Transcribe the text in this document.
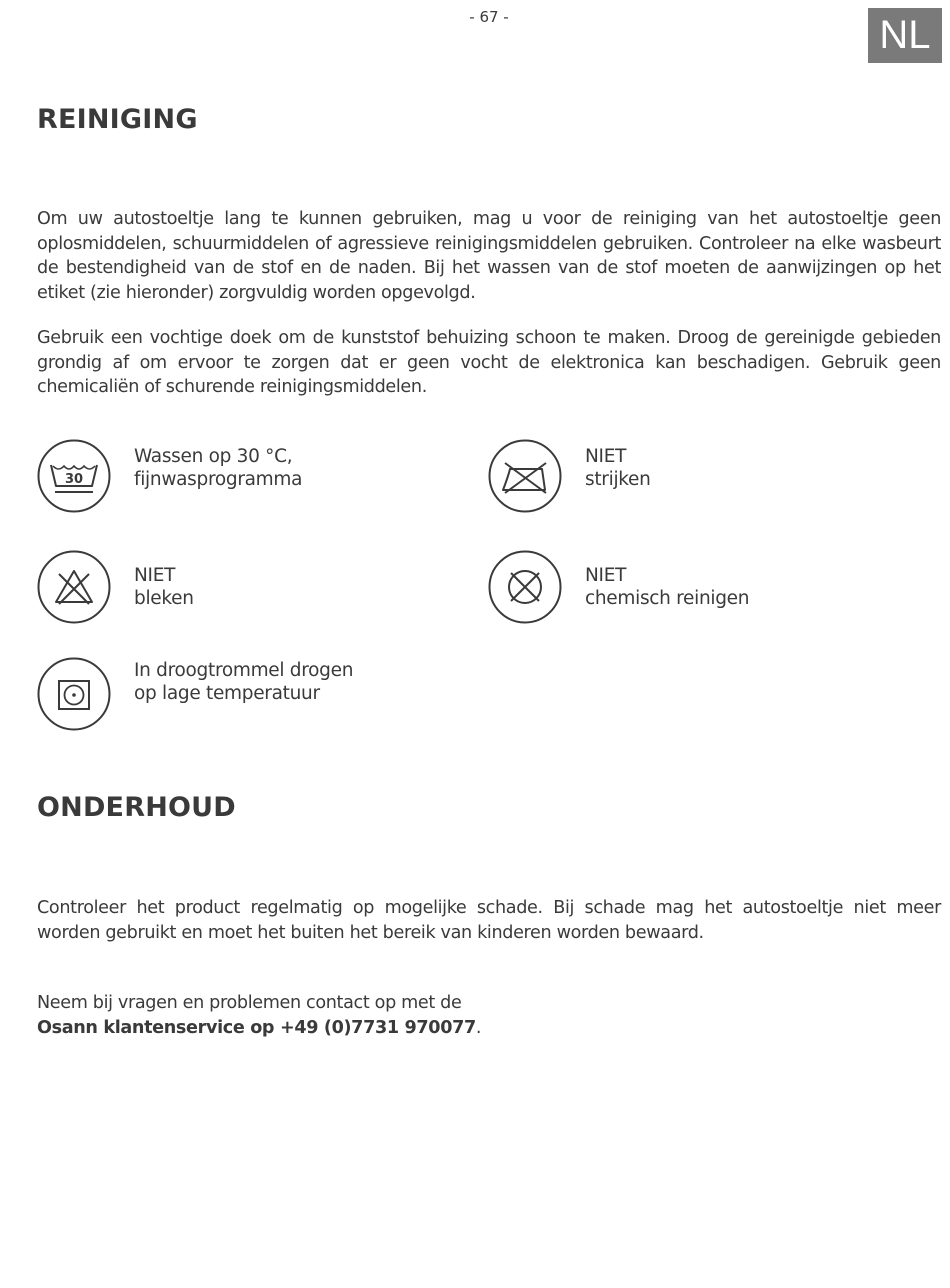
- 67 -	NL
REINIGING

Om uw autostoeltje lang te kunnen gebruiken, mag u voor de reiniging van het autostoeltje geen oplosmiddelen, schuurmiddelen of agressieve reinigingsmiddelen gebruiken. Controleer na elke wasbeurt de bestendigheid van de stof en de naden. Bij het wassen van de stof moeten de aanwijzingen op het etiket (zie hieronder) zorgvuldig worden opgevolgd.

Gebruik een vochtige doek om de kunststof behuizing schoon te maken. Droog de gereinigde gebieden grondig af om ervoor te zorgen dat er geen vocht de elektronica kan beschadigen. Gebruik geen chemicaliën of schurende reinigingsmiddelen.

30
Wassen op 30 °C,
fijnwasprogramma
NIET
strijken
NIET
bleken
NIET
chemisch reinigen
In droogtrommel drogen
op lage temperatuur
ONDERHOUD

Controleer het product regelmatig op mogelijke schade. Bij schade mag het autostoeltje niet meer worden gebruikt en moet het buiten het bereik van kinderen worden bewaard.

Neem bij vragen en problemen contact op met de
Osann klantenservice op +49 (0)7731 970077.
